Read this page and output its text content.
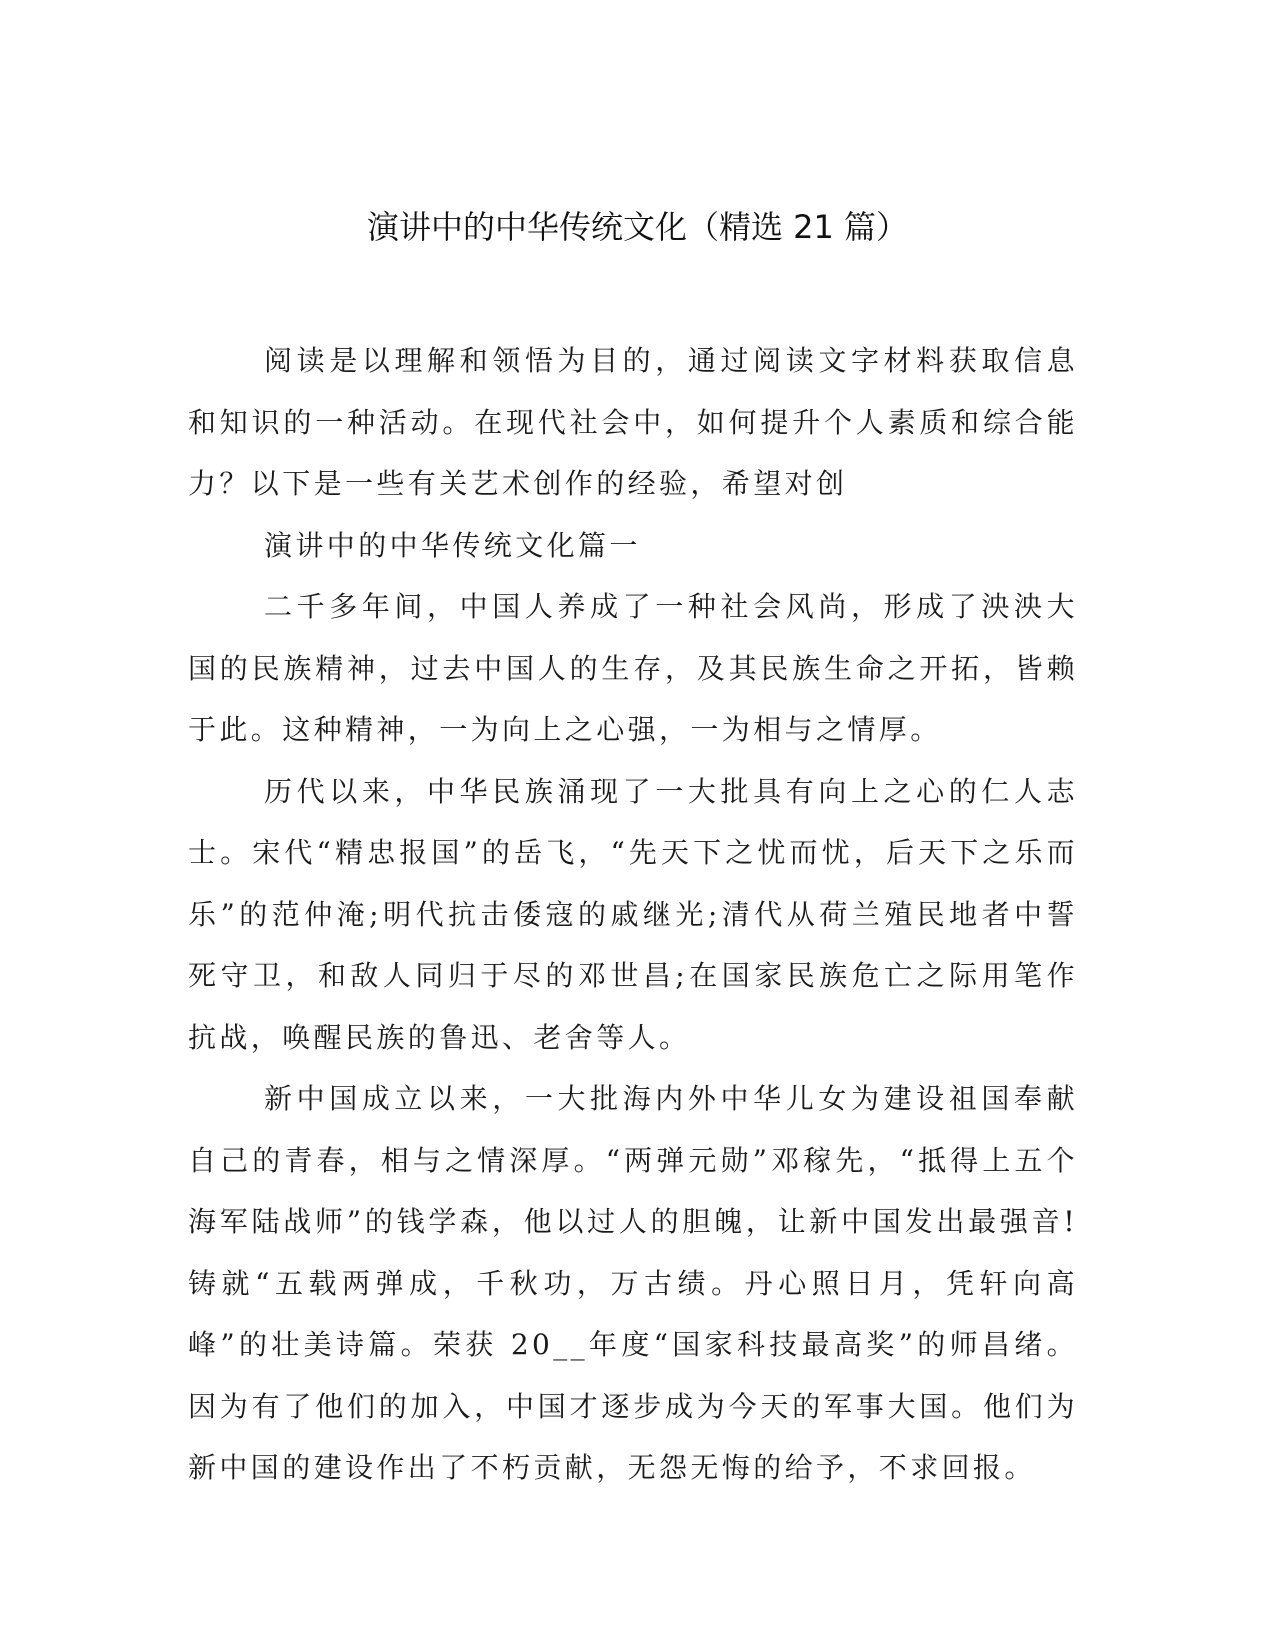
演讲中的中华传统文化（精选 21 篇）

阅读是以理解和领悟为目的，通过阅读文字材料获取信息和知识的一种活动。在现代社会中，如何提升个人素质和综合能力？以下是一些有关艺术创作的经验，希望对创

演讲中的中华传统文化篇一

二千多年间，中国人养成了一种社会风尚，形成了泱泱大国的民族精神，过去中国人的生存，及其民族生命之开拓，皆赖于此。这种精神，一为向上之心强，一为相与之情厚。

历代以来，中华民族涌现了一大批具有向上之心的仁人志士。宋代“精忠报国”的岳飞，“先天下之忧而忧，后天下之乐而乐”的范仲淹;明代抗击倭寇的戚继光;清代从荷兰殖民地者中誓死守卫，和敌人同归于尽的邓世昌;在国家民族危亡之际用笔作抗战，唤醒民族的鲁迅、老舍等人。

新中国成立以来，一大批海内外中华儿女为建设祖国奉献自己的青春，相与之情深厚。“两弹元勋”邓稼先，“抵得上五个海军陆战师”的钱学森，他以过人的胆魄，让新中国发出最强音!铸就“五载两弹成，千秋功，万古绩。丹心照日月，凭轩向高峰”的壮美诗篇。荣获 20__年度“国家科技最高奖”的师昌绪。因为有了他们的加入，中国才逐步成为今天的军事大国。他们为新中国的建设作出了不朽贡献，无怨无悔的给予，不求回报。
